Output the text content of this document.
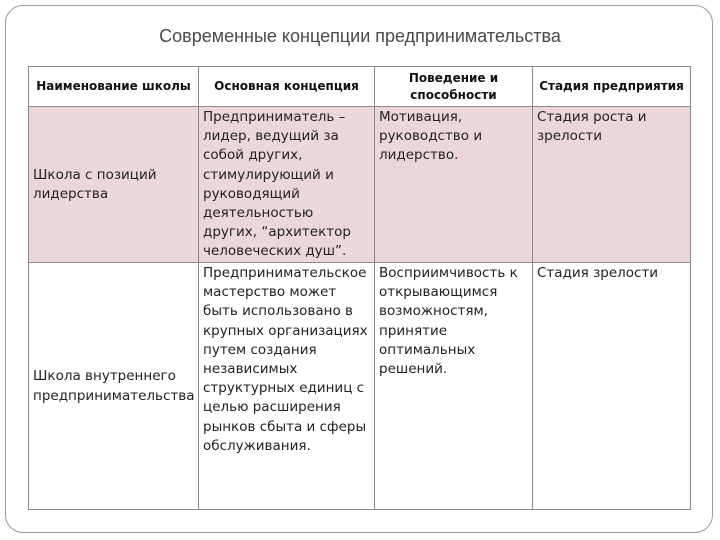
Современные концепции предпринимательства
Наименование школы	Основная концепция	Поведение и способности	Стадия предприятия
Школа с позиций лидерства	Предприниматель – лидер, ведущий за собой других, стимулирующий и руководящий деятельностью других, “архитектор человеческих душ”.	Мотивация, руководство и лидерство.	Стадия роста и зрелости
Школа внутреннего предпринимательства	Предпринимательское мастерство может быть использовано в крупных организациях путем создания независимых структурных единиц с целью расширения рынков сбыта и сферы обслуживания.	Восприимчивость к открывающимся возможностям, принятие оптимальных решений.	Стадия зрелости
